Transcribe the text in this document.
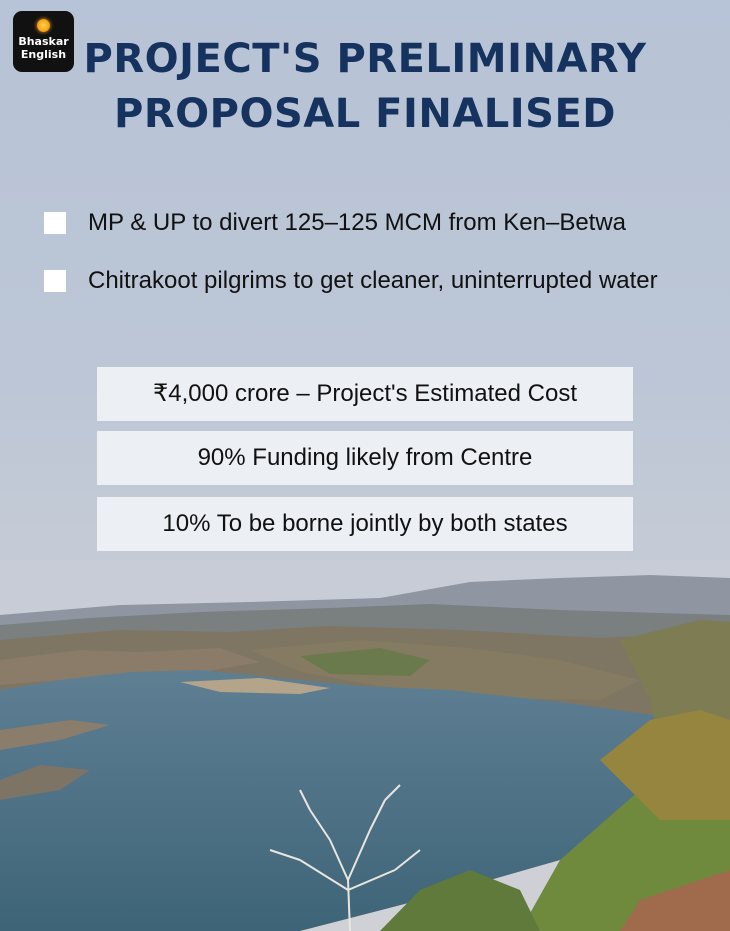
Bhaskar
English PROJECT'S PRELIMINARY
PROPOSAL FINALISED
MP & UP to divert 125–125 MCM from Ken–Betwa
Chitrakoot pilgrims to get cleaner, uninterrupted water
₹4,000 crore – Project's Estimated Cost
90% Funding likely from Centre
10% To be borne jointly by both states
